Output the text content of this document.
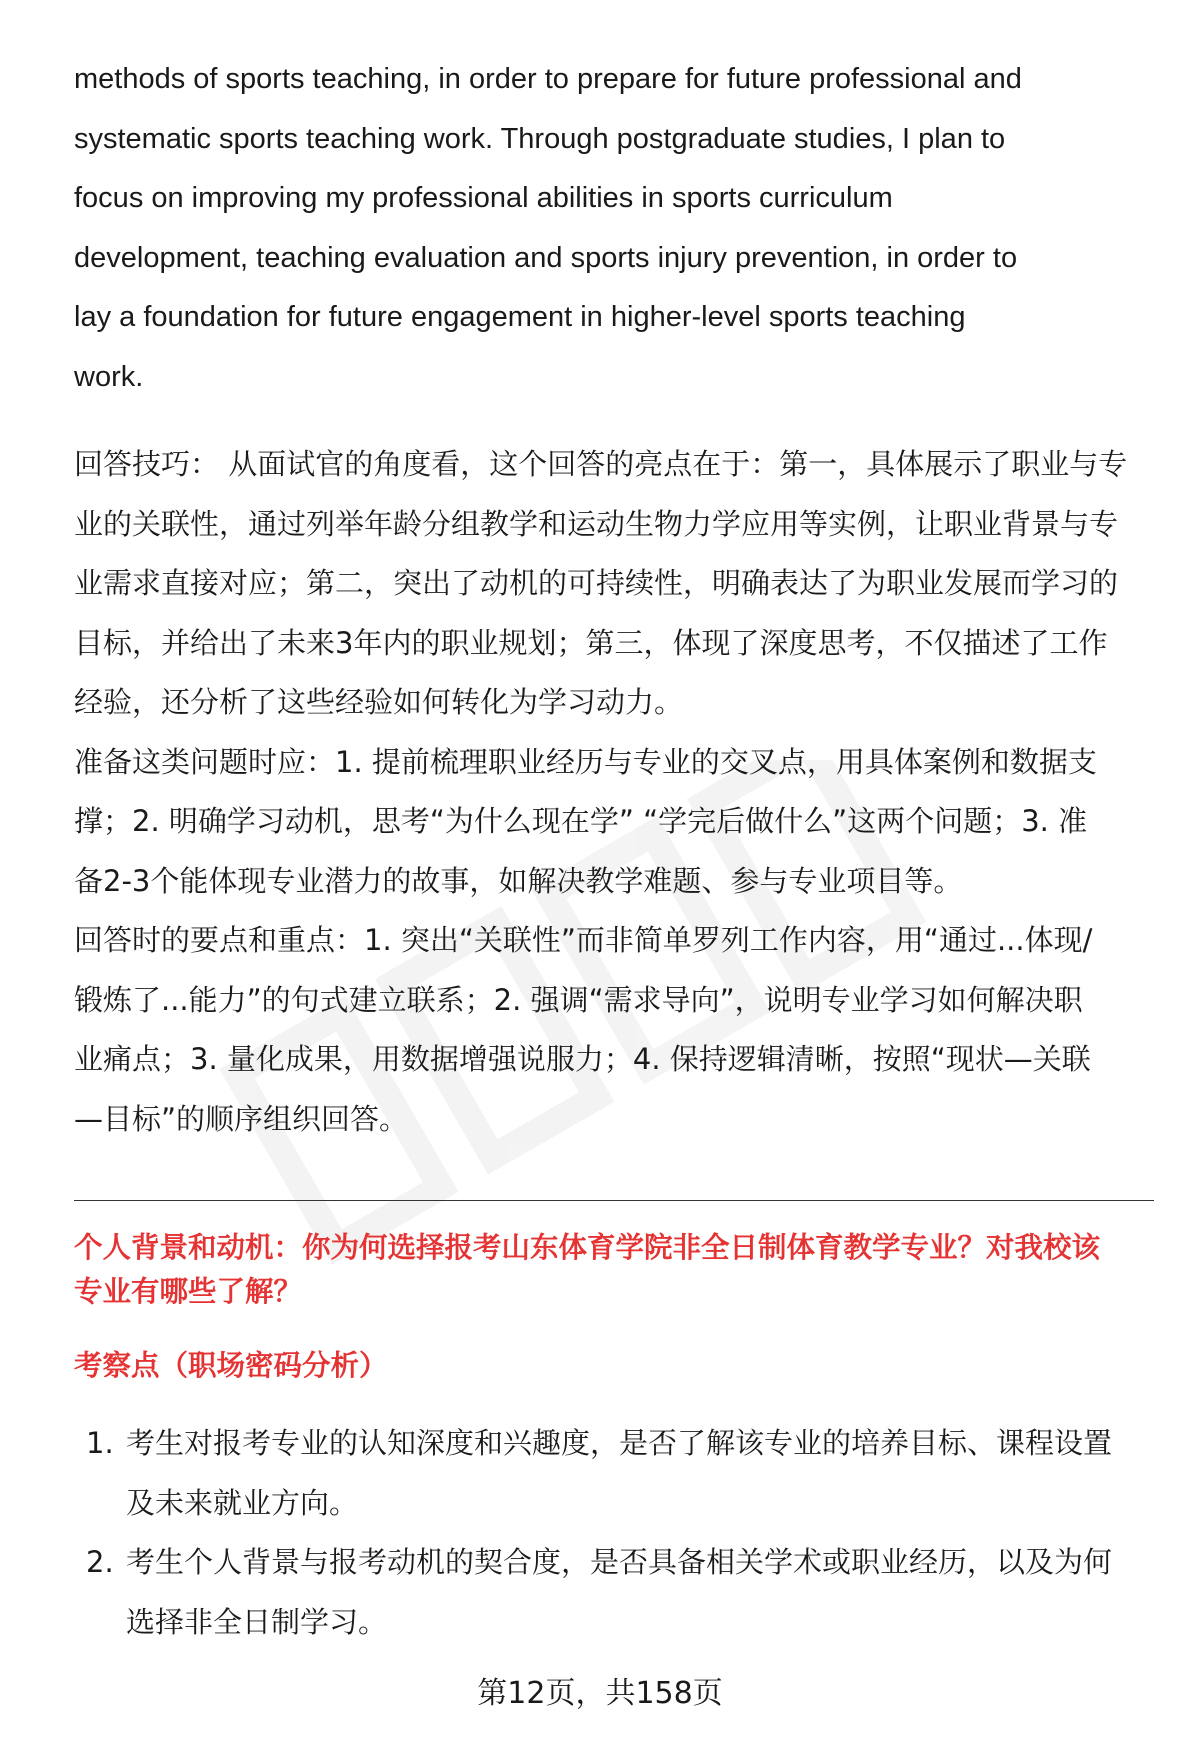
methods of sports teaching, in order to prepare for future professional and

systematic sports teaching work. Through postgraduate studies, I plan to

focus on improving my professional abilities in sports curriculum

development, teaching evaluation and sports injury prevention, in order to

lay a foundation for future engagement in higher-level sports teaching

work.

回答技巧： 从面试官的角度看，这个回答的亮点在于：第一，具体展示了职业与专

业的关联性，通过列举年龄分组教学和运动生物力学应用等实例，让职业背景与专

业需求直接对应；第二，突出了动机的可持续性，明确表达了为职业发展而学习的

目标，并给出了未来3年内的职业规划；第三，体现了深度思考，不仅描述了工作

经验，还分析了这些经验如何转化为学习动力。

准备这类问题时应：1. 提前梳理职业经历与专业的交叉点，用具体案例和数据支

撑；2. 明确学习动机，思考“为什么现在学” “学完后做什么”这两个问题；3. 准

备2-3个能体现专业潜力的故事，如解决教学难题、参与专业项目等。

回答时的要点和重点：1. 突出“关联性”而非简单罗列工作内容，用“通过...体现/

锻炼了...能力”的句式建立联系；2. 强调“需求导向”，说明专业学习如何解决职

业痛点；3. 量化成果，用数据增强说服力；4. 保持逻辑清晰，按照“现状—关联

—目标”的顺序组织回答。

个人背景和动机：你为何选择报考山东体育学院非全日制体育教学专业？对我校该
专业有哪些了解？

考察点（职场密码分析）

1. 考生对报考专业的认知深度和兴趣度，是否了解该专业的培养目标、课程设置
及未来就业方向。
2. 考生个人背景与报考动机的契合度，是否具备相关学术或职业经历，以及为何
选择非全日制学习。
第12页，共158页
